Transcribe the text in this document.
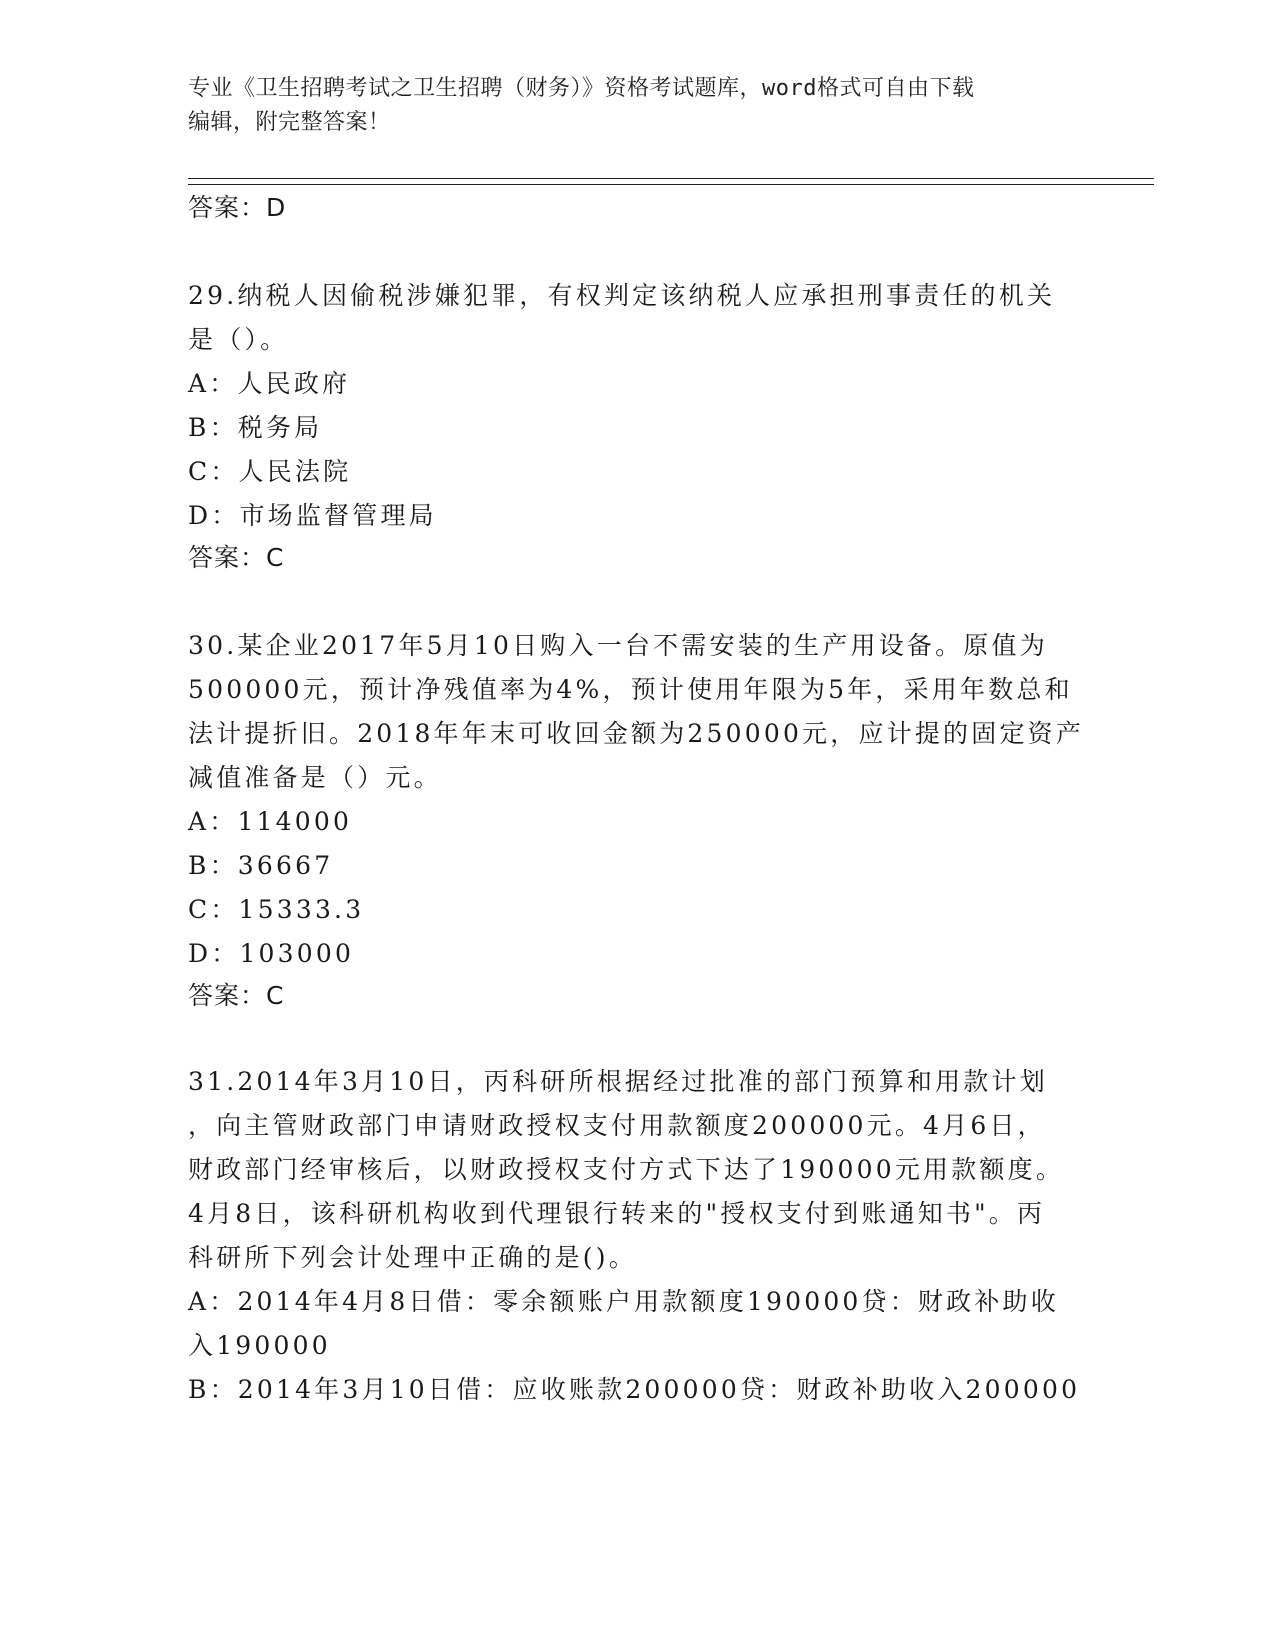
专业《卫生招聘考试之卫生招聘（财务）》资格考试题库，word格式可自由下载
编辑，附完整答案！
答案：D
29.纳税人因偷税涉嫌犯罪，有权判定该纳税人应承担刑事责任的机关
是（）。
A：人民政府
B：税务局
C：人民法院
D：市场监督管理局
答案：C
30.某企业2017年5月10日购入一台不需安装的生产用设备。原值为
500000元，预计净残值率为4%，预计使用年限为5年，采用年数总和
法计提折旧。2018年年末可收回金额为250000元，应计提的固定资产
减值准备是（）元。
A：114000
B：36667
C：15333.3
D：103000
答案：C
31.2014年3月10日，丙科研所根据经过批准的部门预算和用款计划
，向主管财政部门申请财政授权支付用款额度200000元。4月6日，
财政部门经审核后，以财政授权支付方式下达了190000元用款额度。
4月8日，该科研机构收到代理银行转来的"授权支付到账通知书"。丙
科研所下列会计处理中正确的是()。
A：2014年4月8日借：零余额账户用款额度190000贷：财政补助收
入190000
B：2014年3月10日借：应收账款200000贷：财政补助收入200000
